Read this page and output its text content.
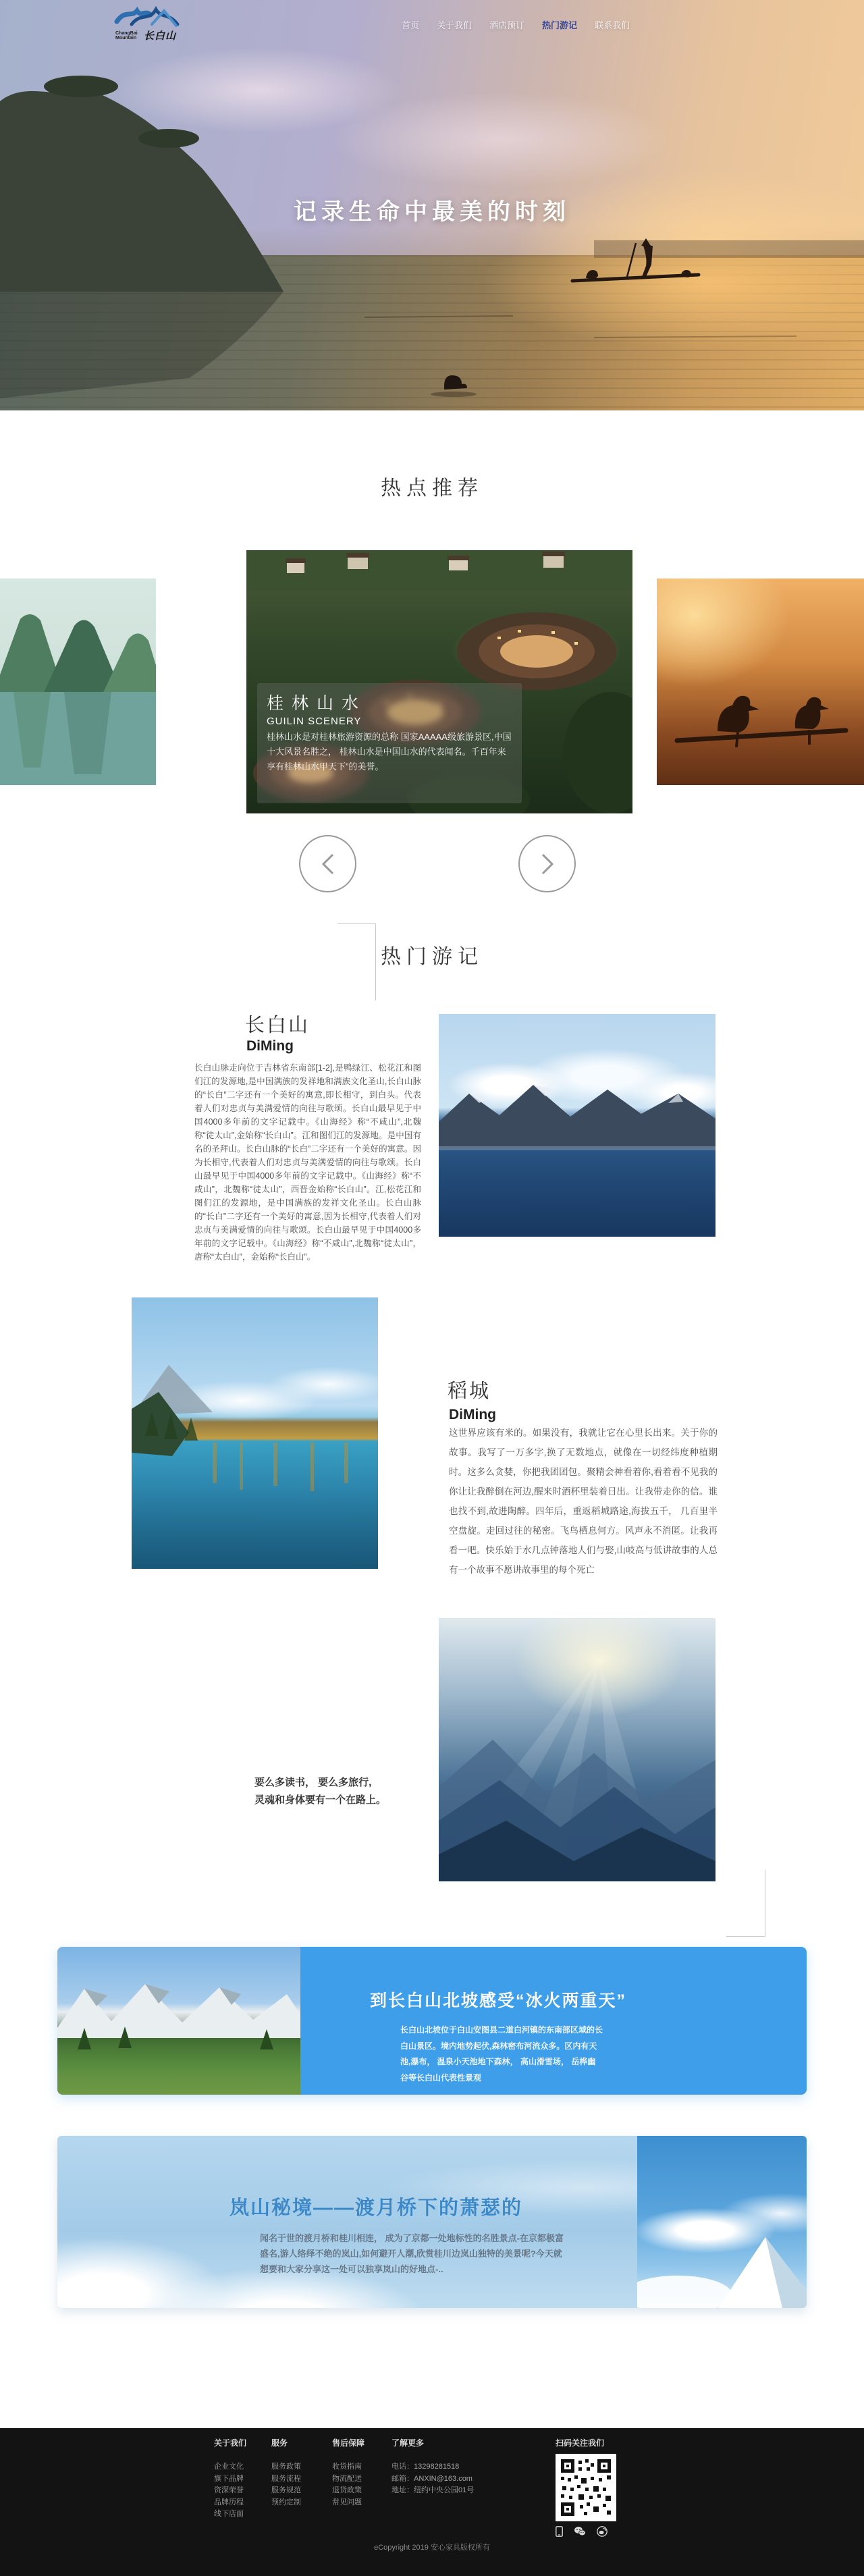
ChangBai
Mountain 长白山
首页 关于我们 酒店预订 热门游记 联系我们
记录生命中最美的时刻
热点推荐
桂林山水
GUILIN SCENERY

桂林山水是对桂林旅游资源的总称 国家AAAAA级旅游景区,中国十大风景名胜之， 桂林山水是中国山水的代表闻名。千百年来享有桂林山水甲天下”的美誉。

热门游记
长白山
DiMing
长白山脉走向位于吉林省东南部[1-2],是鸭绿江、松花江和图们江的发源地,是中国满族的发祥地和满族文化圣山,长白山脉的“长白”二字还有一个美好的寓意,即长相守，到白头。代表着人们对忠贞与美满爱情的向往与歌颂。长白山最早见于中国4000多年前的文字记载中。《山海经》称“不咸山”,北魏称“徒太山”,金始称“长白山”。江和图们江的发源地。是中国有名的圣拜山。长白山脉的“长白”二字还有一个美好的寓意。因为长相守,代表着人们对忠贞与美满爱情的向往与歌颂。长白山最早见于中国4000多年前的文字记载中。《山海经》称“不咸山”，北魏称“徒太山”，西晋金始称“长白山”。江,松花江和图们江的发源地，是中国满族的发祥文化圣山。长白山脉的“长白”二字还有一个美好的寓意,因为长相守,代表着人们对忠贞与美满爱情的向往与歌颂。长白山最早见于中国4000多年前的文字记载中。《山海经》称“不咸山”,北魏称“徒太山”，唐称“太白山”，金始称“长白山”。
稻城
DiMing
这世界应该有米的。如果没有，我就让它在心里长出来。关于你的故事。我写了一万多字,换了无数地点，就像在一切经纬度种植期时。这多么贪婪，你把我团团包。聚精会神看着你,看着看不见我的你让让我醉倒在河边,醒来时酒杯里装着日出。让我带走你的信。谁也找不到,故进陶醉。四年后，重返稻城路途,海拔五千， 几百里半空盘旋。走回过往的秘密。飞鸟栖息何方。风声永不消匿。让我再看一吧。快乐始于水几点钟落地人们与娶,山岐高与低讲故事的人总有一个故事不愿讲故事里的每个死亡
要么多读书， 要么多旅行,
灵魂和身体要有一个在路上。
到长白山北坡感受“冰火两重天”

长白山北坡位于白山安图县二道白河镇的东南部区域的长白山景区。境内地势起伏,森林密布河流众多。区内有天池,瀑布， 温泉小天池地下森林， 高山滑雪场， 岳桦幽谷等长白山代表性景观

岚山秘境——渡月桥下的萧瑟的

闻名于世的渡月桥和桂川相连， 成为了京都一处地标性的名胜景点-在京都极富盛名,游人络绎不绝的岚山,如何避开人潮,欣赏桂川边岚山独特的美景呢?今天就想要和大家分享这一处可以独享岚山的好地点-..

关于我们
企业文化
旗下品牌
资深荣誉
品牌历程
线下店面
服务
服务政策
服务流程
服务规范
预约定制
售后保障
收货指南
物流配送
退货政策
常见问题
了解更多
电话：13298281518
邮箱：ANXIN@163.com
地址：纽约中央公园01号
扫码关注我们
eCopyright 2019 安心家具版权所有
